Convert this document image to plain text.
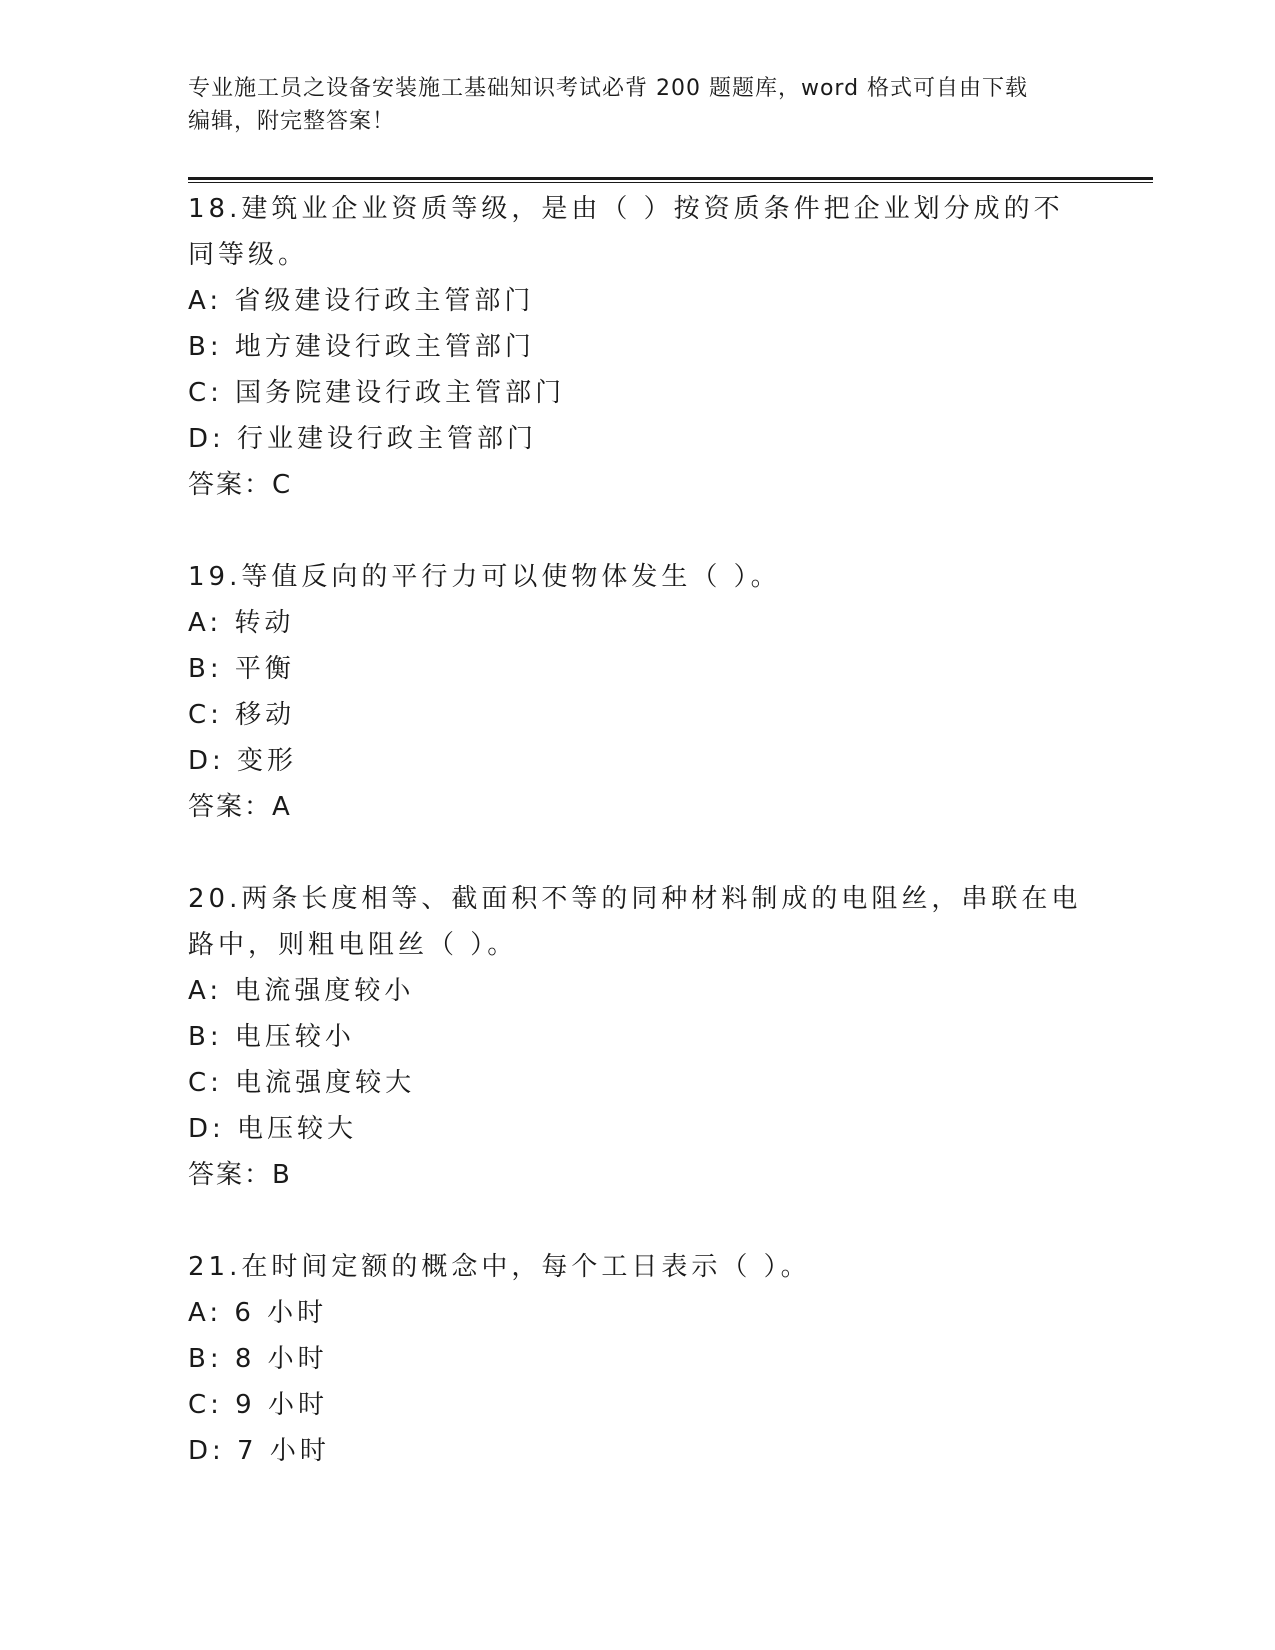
专业施工员之设备安装施工基础知识考试必背 200 题题库，word 格式可自由下载
编辑，附完整答案！

18.建筑业企业资质等级，是由（ ）按资质条件把企业划分成的不同等级。

A: 省级建设行政主管部门

B: 地方建设行政主管部门

C: 国务院建设行政主管部门

D: 行业建设行政主管部门

答案：C

19.等值反向的平行力可以使物体发生（ ）。

A: 转动

B: 平衡

C: 移动

D: 变形

答案：A

20.两条长度相等、截面积不等的同种材料制成的电阻丝，串联在电路中，则粗电阻丝（ ）。

A: 电流强度较小

B: 电压较小

C: 电流强度较大

D: 电压较大

答案：B

21.在时间定额的概念中，每个工日表示（ ）。

A: 6 小时

B: 8 小时

C: 9 小时

D: 7 小时
